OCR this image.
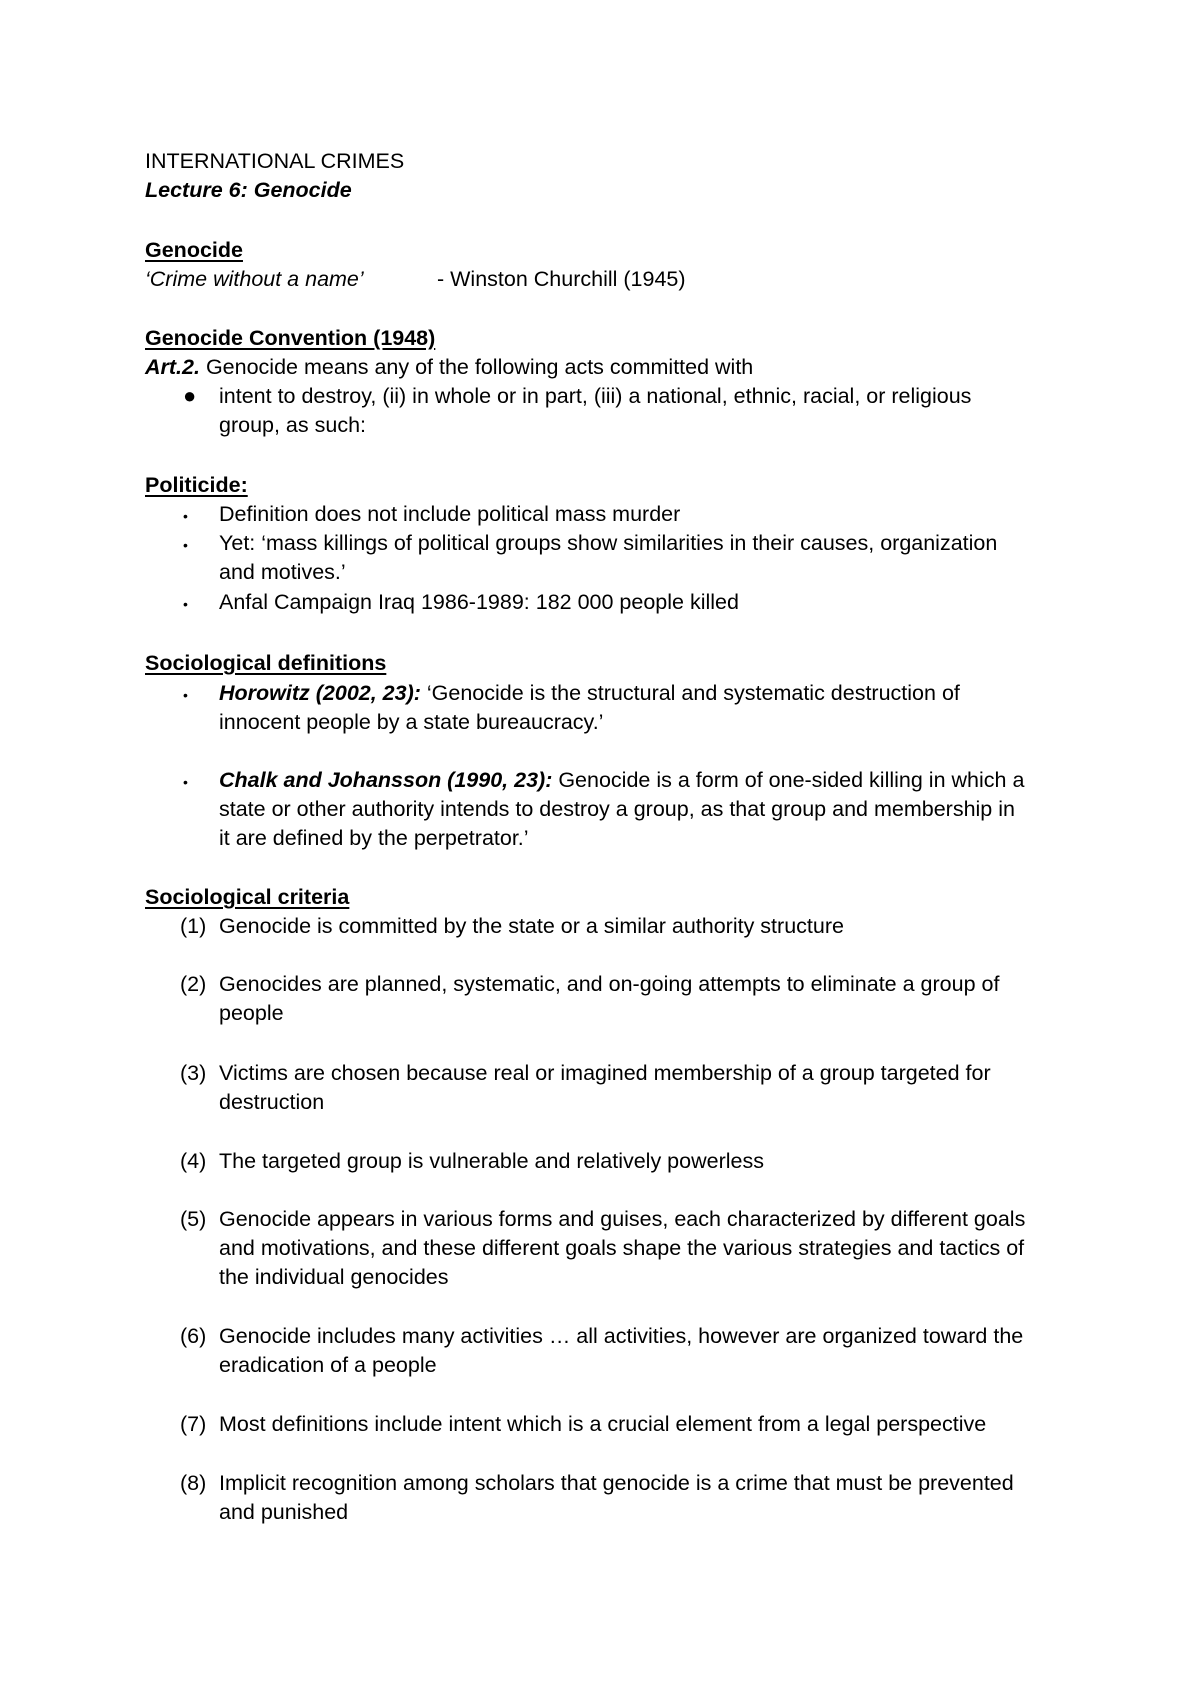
INTERNATIONAL CRIMES
Lecture 6: Genocide
Genocide
‘Crime without a name’	- Winston Churchill (1945)
Genocide Convention (1948)
Art.2. Genocide means any of the following acts committed with
● intent to destroy, (ii) in whole or in part, (iii) a national, ethnic, racial, or religious
group, as such:
Politicide:
• Definition does not include political mass murder
• Yet: ‘mass killings of political groups show similarities in their causes, organization
and motives.’
• Anfal Campaign Iraq 1986-1989: 182 000 people killed
Sociological definitions
• Horowitz (2002, 23): ‘Genocide is the structural and systematic destruction of
innocent people by a state bureaucracy.’
• Chalk and Johansson (1990, 23): Genocide is a form of one-sided killing in which a
state or other authority intends to destroy a group, as that group and membership in
it are defined by the perpetrator.’
Sociological criteria
(1) Genocide is committed by the state or a similar authority structure
(2) Genocides are planned, systematic, and on-going attempts to eliminate a group of
people
(3) Victims are chosen because real or imagined membership of a group targeted for
destruction
(4) The targeted group is vulnerable and relatively powerless
(5) Genocide appears in various forms and guises, each characterized by different goals
and motivations, and these different goals shape the various strategies and tactics of
the individual genocides
(6) Genocide includes many activities … all activities, however are organized toward the
eradication of a people
(7) Most definitions include intent which is a crucial element from a legal perspective
(8) Implicit recognition among scholars that genocide is a crime that must be prevented
and punished
